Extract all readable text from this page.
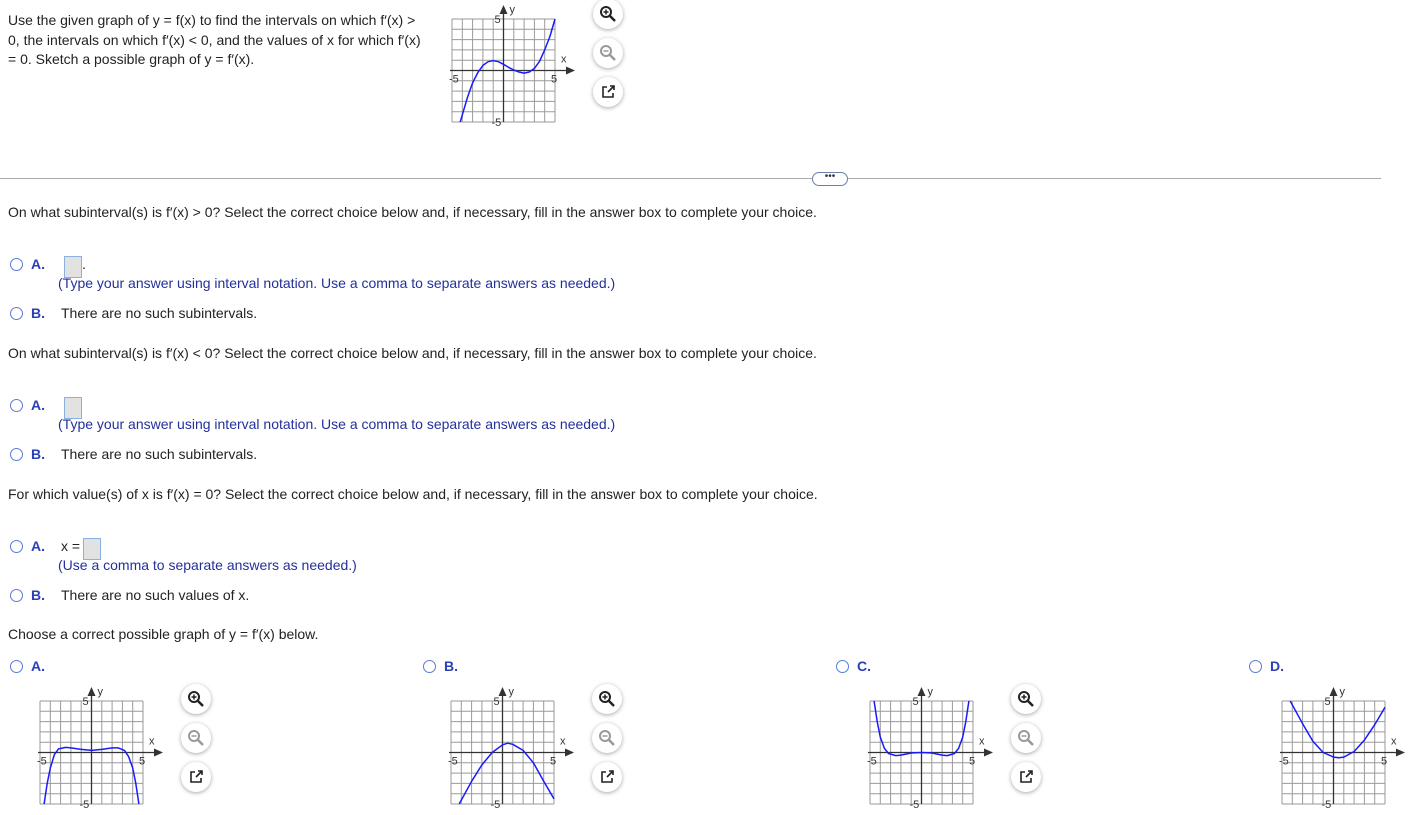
Use the given graph of y = f(x) to find the intervals on which f′(x) > 0, the intervals on which f′(x) < 0, and the values of x for which f′(x) = 0. Sketch a possible graph of y = f′(x).
y
x
-5	5
5
-5
•••
On what subinterval(s) is f′(x) > 0? Select the correct choice below and, if necessary, fill in the answer box to complete your choice.
A.	.
(Type your answer using interval notation. Use a comma to separate answers as needed.)
B.	There are no such subintervals.
On what subinterval(s) is f′(x) < 0? Select the correct choice below and, if necessary, fill in the answer box to complete your choice.
A.
(Type your answer using interval notation. Use a comma to separate answers as needed.)
B.	There are no such subintervals.
For which value(s) of x is f′(x) = 0? Select the correct choice below and, if necessary, fill in the answer box to complete your choice.
A.	x =
(Use a comma to separate answers as needed.)
B.	There are no such values of x.
Choose a correct possible graph of y = f′(x) below.
A.
y
x
-5	5
5
-5
B.
y
x
-5	5
5
-5
C.
y
x
-5	5
5
-5
D.
y
x
-5	5
5
-5
